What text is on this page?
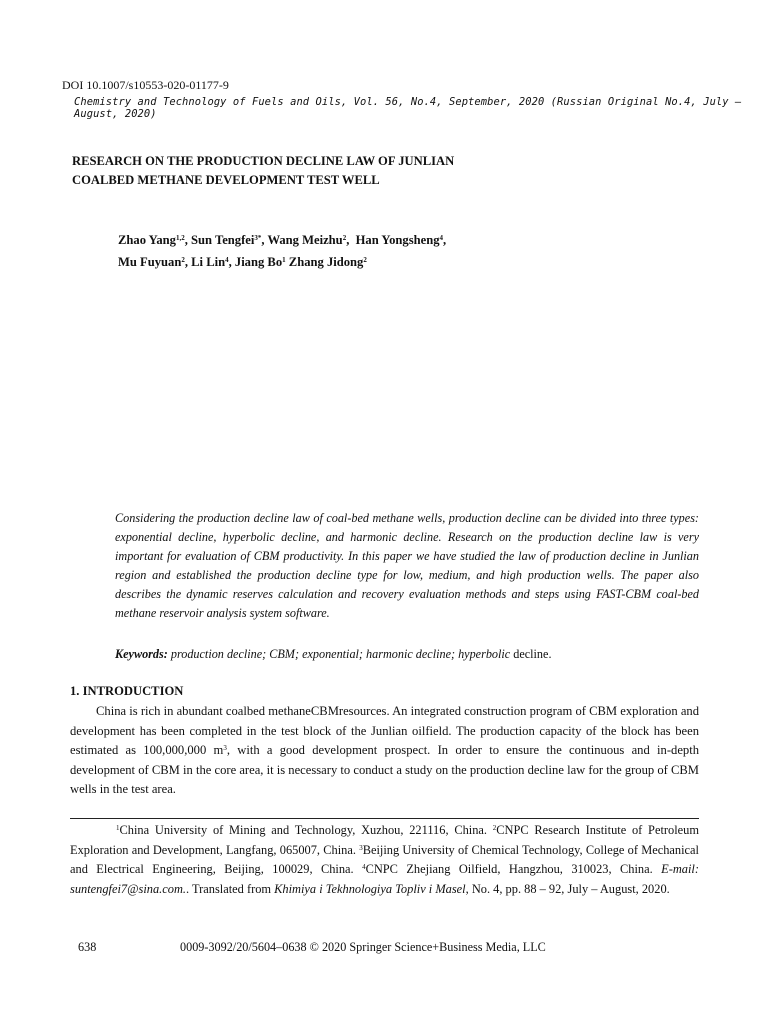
DOI 10.1007/s10553-020-01177-9
Chemistry and Technology of Fuels and Oils, Vol. 56, No.4, September, 2020 (Russian Original No.4, July – August, 2020)
RESEARCH ON THE PRODUCTION DECLINE LAW OF JUNLIAN
COALBED METHANE DEVELOPMENT TEST WELL
Zhao Yang$^{1,2}$, Sun Tengfei$^{3*}$, Wang Meizhu$^2$,  Han Yongsheng$^4$,
Mu Fuyuan$^2$, Li Lin$^4$, Jiang Bo$^1$ Zhang Jidong$^2$
Considering the production decline law of coal-bed methane wells, production decline can be divided into three types: exponential decline, hyperbolic decline, and harmonic decline. Research on the production decline law is very important for evaluation of CBM productivity. In this paper we have studied the law of production decline in Junlian region and established the production decline type for low, medium, and high production wells. The paper also describes the dynamic reserves calculation and recovery evaluation methods and steps using FAST-CBM coal-bed methane reservoir analysis system software.
Keywords: production decline; CBM; exponential; harmonic decline; hyperbolic decline.
1. INTRODUCTION

China is rich in abundant coalbed methaneCBMresources. An integrated construction program of CBM exploration and development has been completed in the test block of the Junlian oilfield. The production capacity of the block has been estimated as 100,000,000 $m^3$, with a good development prospect. In order to ensure the continuous and in-depth development of CBM in the core area, it is necessary to conduct a study on the production decline law for the group of CBM wells in the test area.

$^1$China University of Mining and Technology, Xuzhou, 221116, China. $^2$CNPC Research Institute of Petroleum Exploration and Development, Langfang, 065007, China. $^3$Beijing University of Chemical Technology, College of Mechanical and Electrical Engineering, Beijing, 100029, China. $^4$CNPC Zhejiang Oilfield, Hangzhou, 310023, China. E-mail: suntengfei7@sina.com.. Translated from Khimiya i Tekhnologiya Topliv i Masel, No. 4, pp. 88 – 92, July – August, 2020.

638	0009-3092/20/5604–0638 © 2020 Springer Science+Business Media, LLC
